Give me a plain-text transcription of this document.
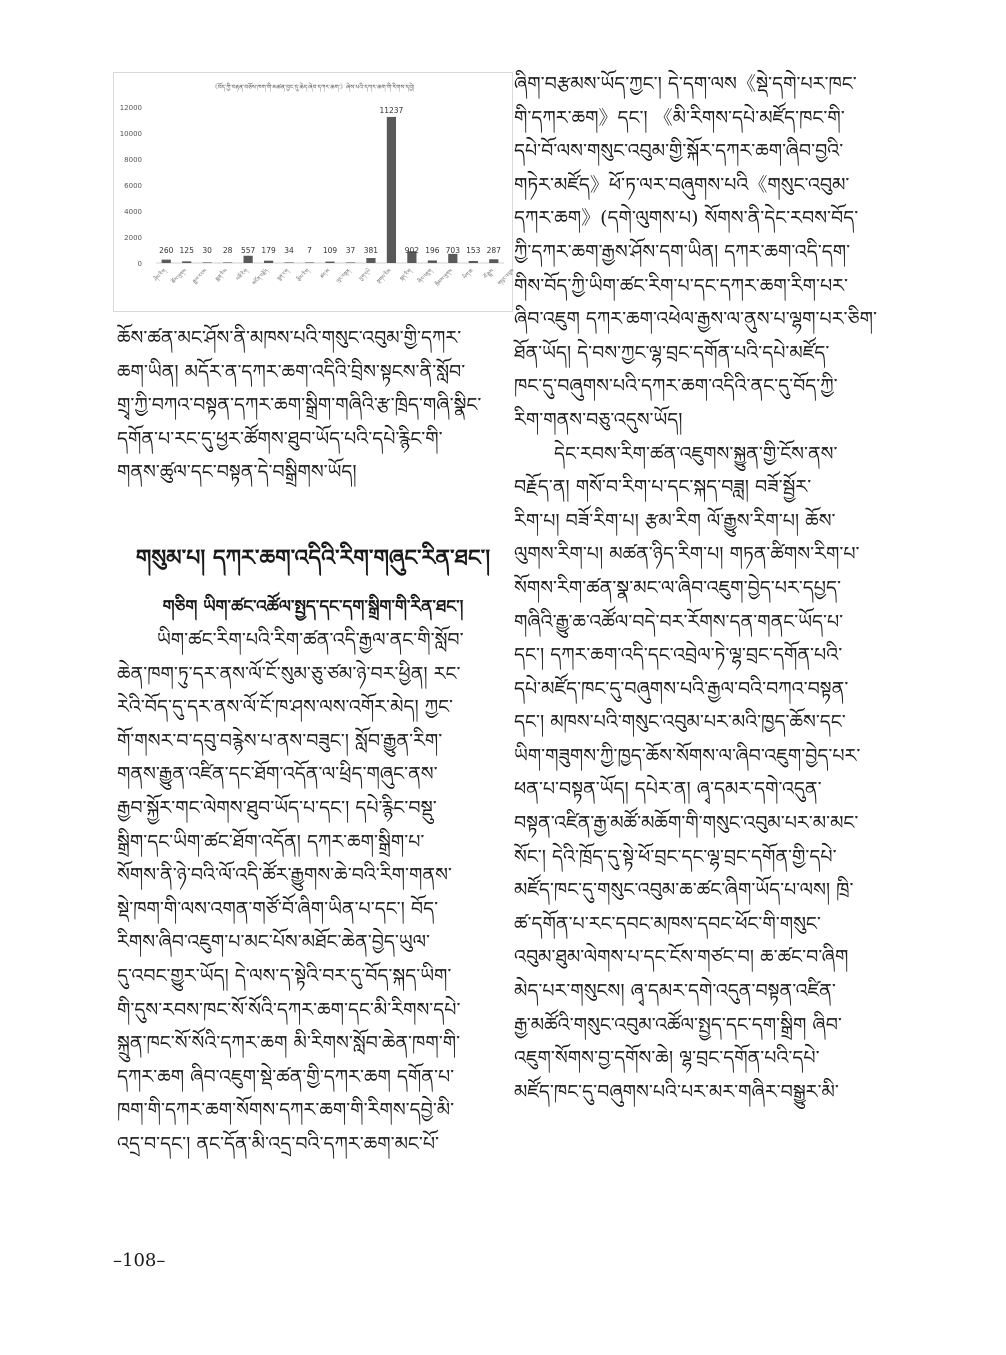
《བོད་ཀྱི་བརྟན་བཅོས་ཁག་གི་མཚན་བྱང་དུ་ཆེད་ཞེབ་དཀར་ཆག་》ཞེས་པའི་དཀར་ཆག་གི་རིགས་དབྱེ།
0
2000
4000
6000
8000
10000
12000
260 125 30 28 557 179 34 7 109 37 381
11237
902 196 703 153 287
ཤེས་རིག ཆོས་ལུགས རྒྱལ་རབས སྨན་རིས བཟོ་རིག མངོན་བརྗོད སྙན་ངག རྩིས་རིག ཚད་མ ལུང་བསྟན ཕྱག་དཔེ སྔགས་རིམ སྐད་རིག ཞིབ་འཇུག ཁྲིམས་ལུགས ཡིག་ཆ ལོ་རྒྱུས གསུང་འབུམ
ཆོས་ཚན་མང་ཤོས་ནི་མཁས་པའི་གསུང་འབུམ་གྱི་དཀར་
ཆག་ཡིན། མདོར་ན་དཀར་ཆག་འདིའི་བྲིས་སྟངས་ནི་སློབ་
གྲྭ་ཀྱི་བཀའ་བསྟན་དཀར་ཆག་སྒྲིག་གཞིའི་རྩ་ཁྲིད་གཞི་སྣིང་
དགོན་པ་རང་དུ་ཕྱར་ཚོགས་ཐུབ་ཡོད་པའི་དཔེ་རྙིང་གི་
གནས་ཚུལ་དང་བསྟན་དེ་བསྒྲིགས་ཡོད།
གསུམ་པ། དཀར་ཆག་འདིའི་རིག་གཞུང་རིན་ཐང་།
གཅིག ཡིག་ཚང་འཚོལ་སྤྱད་དང་དག་སྒྲིག་གི་རིན་ཐང་།
ཡིག་ཚང་རིག་པའི་རིག་ཚན་འདི་རྒྱལ་ནང་གི་སློབ་
ཆེན་ཁག་ཏུ་དར་ནས་ལོ་ངོ་སུམ་ཅུ་ཙམ་ཉེ་བར་ཕྱིན། རང་
རེའི་བོད་དུ་དར་ནས་ལོ་ངོ་ཁ་ཤས་ལས་འགོར་མེད། ཀྱང་
གོ་གསར་བ་དབུ་བརྙེས་པ་ནས་བཟུང་། སློབ་རྒྱུན་རིག་
གནས་རྒྱུན་འཛིན་དང་ཐོག་འདོན་ལ་ཕྲིད་གཞུང་ནས་
རྒྱབ་སྐྱོར་གང་ལེགས་ཐུབ་ཡོད་པ་དང་། དཔེ་རྙིང་བསྡུ་
སྒྲིག་དང་ཡིག་ཚང་ཐོག་འདོན། དཀར་ཆག་སྒྲིག་པ་
སོགས་ནི་ཉེ་བའི་ལོ་འདི་ཚོར་རྒྱུགས་ཆེ་བའི་རིག་གནས་
སྡེ་ཁག་གི་ལས་འགན་གཙོ་བོ་ཞིག་ཡིན་པ་དང་། བོད་
རིགས་ཞིབ་འཇུག་པ་མང་པོས་མཐོང་ཆེན་བྱེད་ཡུལ་
དུ་འབང་གྱུར་ཡོད། དེ་ལས་ད་སྟེའི་བར་དུ་བོད་སྐད་ཡིག་
གི་དུས་རབས་ཁང་སོ་སོའི་དཀར་ཆག་དང་མི་རིགས་དཔེ་
སྐྲུན་ཁང་སོ་སོའི་དཀར་ཆག མི་རིགས་སློབ་ཆེན་ཁག་གི་
དཀར་ཆག ཞིབ་འཇུག་སྡེ་ཚན་གྱི་དཀར་ཆག དགོན་པ་
ཁག་གི་དཀར་ཆག་སོགས་དཀར་ཆག་གི་རིགས་དབྱེ་མི་
འདྲ་བ་དང་། ནང་དོན་མི་འདྲ་བའི་དཀར་ཆག་མང་པོ་
ཞིག་བརྩམས་ཡོད་ཀྱང་། དེ་དག་ལས《སྡེ་དགེ་པར་ཁང་
གི་དཀར་ཆག》དང་། 《མི་རིགས་དཔེ་མཛོད་ཁང་གི་
དཔེ་བོ་ལས་གསུང་འབུམ་གྱི་སྐོར་དཀར་ཆག་ཞིབ་བྱའི་
གཏེར་མཛོད》ཕོ་ཏ་ལར་བཞུགས་པའི《གསུང་འབུམ་
དཀར་ཆག》(དགེ་ལུགས་པ) སོགས་ནི་དེང་རབས་བོད་
ཀྱི་དཀར་ཆག་རྒྱས་ཤོས་དག་ཡིན། དཀར་ཆག་འདི་དག་
གིས་བོད་ཀྱི་ཡིག་ཚང་རིག་པ་དང་དཀར་ཆག་རིག་པར་
ཞིབ་འཇུག དཀར་ཆག་འཕེལ་རྒྱས་ལ་ནུས་པ་ལྷག་པར་ཅིག་
ཐོན་ཡོད། དེ་བས་ཀྱང་ལྷ་བྲང་དགོན་པའི་དཔེ་མཛོད་
ཁང་དུ་བཞུགས་པའི་དཀར་ཆག་འདིའི་ནང་དུ་བོད་ཀྱི་
རིག་གནས་བཅུ་འདུས་ཡོད།
དེང་རབས་རིག་ཚན་འཇུགས་སྐྱུན་གྱི་ངོས་ནས་
བརྗོད་ན། གསོ་བ་རིག་པ་དང་སྐད་བཟླ། བཟོ་སྦྱོར་
རིག་པ། བཟོ་རིག་པ། རྩམ་རིག ལོ་རྒྱུས་རིག་པ། ཆོས་
ལུགས་རིག་པ། མཚན་ཉིད་རིག་པ། གཏན་ཚིགས་རིག་པ་
སོགས་རིག་ཚན་སྣ་མང་ལ་ཞིབ་འཇུག་བྱེད་པར་དཔྱད་
གཞིའི་རྒྱུ་ཆ་འཚོལ་བདེ་བར་རོགས་དན་གནང་ཡོད་པ་
དང་། དཀར་ཆག་འདི་དང་འབྲེལ་ཏེ་ལྷ་བྲང་དགོན་པའི་
དཔེ་མཛོད་ཁང་དུ་བཞུགས་པའི་རྒྱལ་བའི་བཀའ་བསྟན་
དང་། མཁས་པའི་གསུང་འབུམ་པར་མའི་ཁྱད་ཆོས་དང་
ཡིག་གཟུགས་ཀྱི་ཁྱད་ཆོས་སོགས་ལ་ཞིབ་འཇུག་བྱེད་པར་
ཕན་པ་བསྟན་ཡོད། དཔེར་ན། ཞྭ་དམར་དགེ་འདུན་
བསྟན་འཛིན་རྒྱ་མཚོ་མཆོག་གི་གསུང་འབུམ་པར་མ་མང་
སོང་། དེའི་ཁྲོད་དུ་སྟེ་ཕོ་བྲང་དང་ལྷ་བྲང་དགོན་གྱི་དཔེ་
མཛོད་ཁང་དུ་གསུང་འབུམ་ཆ་ཚང་ཞིག་ཡོད་པ་ལས། ཁྲི་
ཚ་དགོན་པ་རང་དབང་མཁས་དབང་ཕོང་གི་གསུང་
འབུམ་ཐུམ་ལེགས་པ་དང་ངོས་གཙང་བ། ཆ་ཚང་བ་ཞིག
མེད་པར་གསུངས། ཞྭ་དམར་དགེ་འདུན་བསྟན་འཛིན་
རྒྱ་མཚོའི་གསུང་འབུམ་འཚོལ་སྤྱད་དང་དག་སྒྲིག ཞིབ་
འཇུག་སོགས་བྱ་དགོས་ཆེ། ལྷ་བྲང་དགོན་པའི་དཔེ་
མཛོད་ཁང་དུ་བཞུགས་པའི་པར་མར་གཞིར་བསྒྱུར་མི་
–108–
